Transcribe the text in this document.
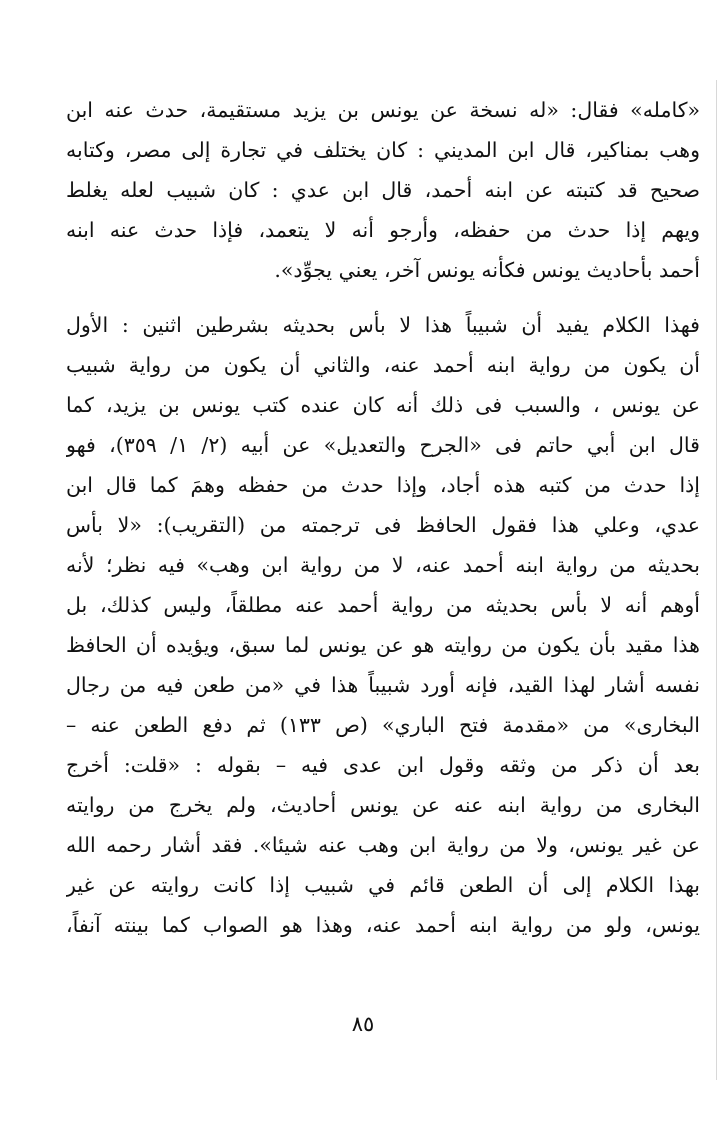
«كامله» فقال: «له نسخة عن يونس بن يزيد مستقيمة، حدث عنه ابن
وهب بمناكير، قال ابن المديني : كان يختلف في تجارة إلى مصر، وكتابه
صحيح قد كتبته عن ابنه أحمد، قال ابن عدي : كان شبيب لعله يغلط
ويهم إذا حدث من حفظه، وأرجو أنه لا يتعمد، فإذا حدث عنه ابنه
أحمد بأحاديث يونس فكأنه يونس آخر، يعني يجوِّد».
فهذا الكلام يفيد أن شبيباً هذا لا بأس بحديثه بشرطين اثنين : الأول
أن يكون من رواية ابنه أحمد عنه، والثاني أن يكون من رواية شبيب
عن يونس ، والسبب فى ذلك أنه كان عنده كتب يونس بن يزيد، كما
قال ابن أبي حاتم فى «الجرح والتعديل» عن أبيه (٢/ ١/ ٣٥٩)، فهو
إذا حدث من كتبه هذه أجاد، وإذا حدث من حفظه وهمَ كما قال ابن
عدي، وعلي هذا فقول الحافظ فى ترجمته من (التقريب): «لا بأس
بحديثه من رواية ابنه أحمد عنه، لا من رواية ابن وهب» فيه نظر؛ لأنه
أوهم أنه لا بأس بحديثه من رواية أحمد عنه مطلقاً، وليس كذلك، بل
هذا مقيد بأن يكون من روايته هو عن يونس لما سبق، ويؤيده أن الحافظ
نفسه أشار لهذا القيد، فإنه أورد شبيباً هذا في «من طعن فيه من رجال
البخارى» من «مقدمة فتح الباري» (ص ١٣٣) ثم دفع الطعن عنه –
بعد أن ذكر من وثقه وقول ابن عدى فيه – بقوله : «قلت: أخرج
البخارى من رواية ابنه عنه عن يونس أحاديث، ولم يخرج من روايته
عن غير يونس، ولا من رواية ابن وهب عنه شيئا». فقد أشار رحمه الله
بهذا الكلام إلى أن الطعن قائم في شبيب إذا كانت روايته عن غير
يونس، ولو من رواية ابنه أحمد عنه، وهذا هو الصواب كما بينته آنفاً،
٨٥
